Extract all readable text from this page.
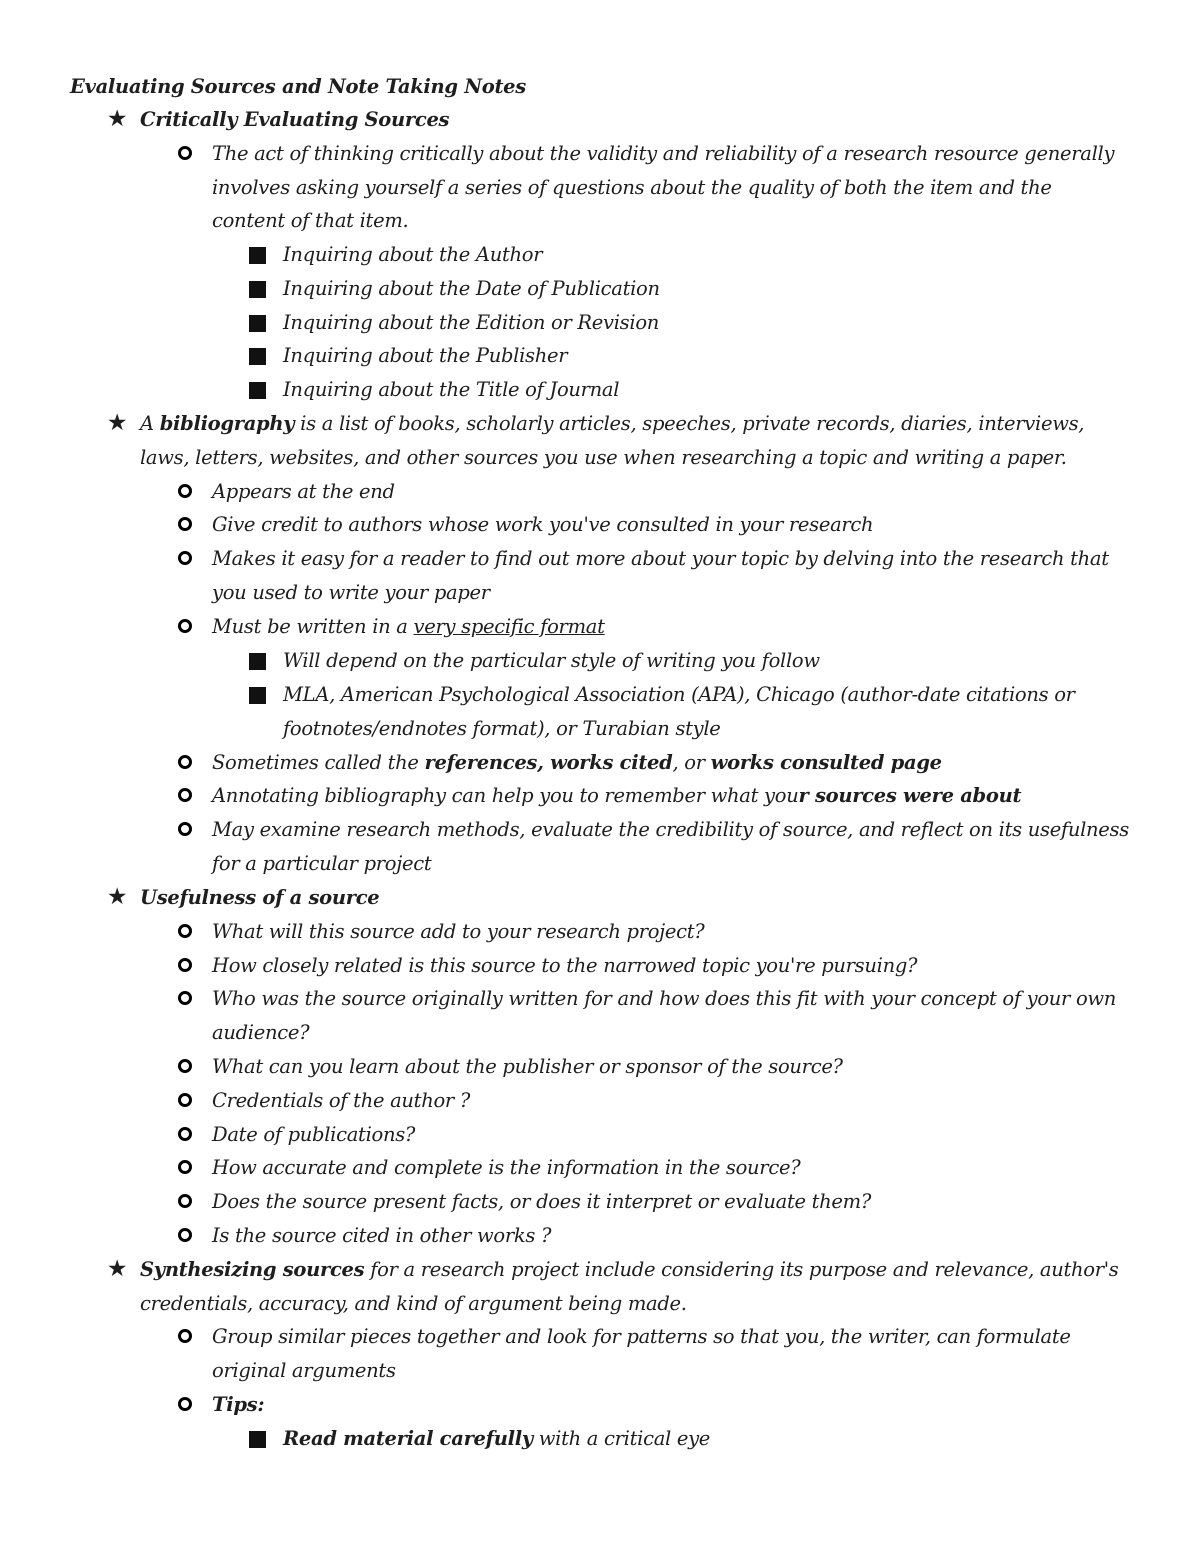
Evaluating Sources and Note Taking Notes
★ Critically Evaluating Sources
The act of thinking critically about the validity and reliability of a research resource generally involves asking yourself a series of questions about the quality of both the item and the content of that item.
Inquiring about the Author
Inquiring about the Date of Publication
Inquiring about the Edition or Revision
Inquiring about the Publisher
Inquiring about the Title of Journal
★ A bibliography is a list of books, scholarly articles, speeches, private records, diaries, interviews, laws, letters, websites, and other sources you use when researching a topic and writing a paper.
Appears at the end
Give credit to authors whose work you've consulted in your research
Makes it easy for a reader to find out more about your topic by delving into the research that you used to write your paper
Must be written in a very specific format
Will depend on the particular style of writing you follow
MLA, American Psychological Association (APA), Chicago (author-date citations or footnotes/endnotes format), or Turabian style
Sometimes called the references, works cited, or works consulted page
Annotating bibliography can help you to remember what your sources were about
May examine research methods, evaluate the credibility of source, and reflect on its usefulness for a particular project
★ Usefulness of a source
What will this source add to your research project?
How closely related is this source to the narrowed topic you're pursuing?
Who was the source originally written for and how does this fit with your concept of your own audience?
What can you learn about the publisher or sponsor of the source?
Credentials of the author ?
Date of publications?
How accurate and complete is the information in the source?
Does the source present facts, or does it interpret or evaluate them?
Is the source cited in other works ?
★ Synthesizing sources for a research project include considering its purpose and relevance, author's credentials, accuracy, and kind of argument being made.
Group similar pieces together and look for patterns so that you, the writer, can formulate original arguments
Tips:
Read material carefully with a critical eye
